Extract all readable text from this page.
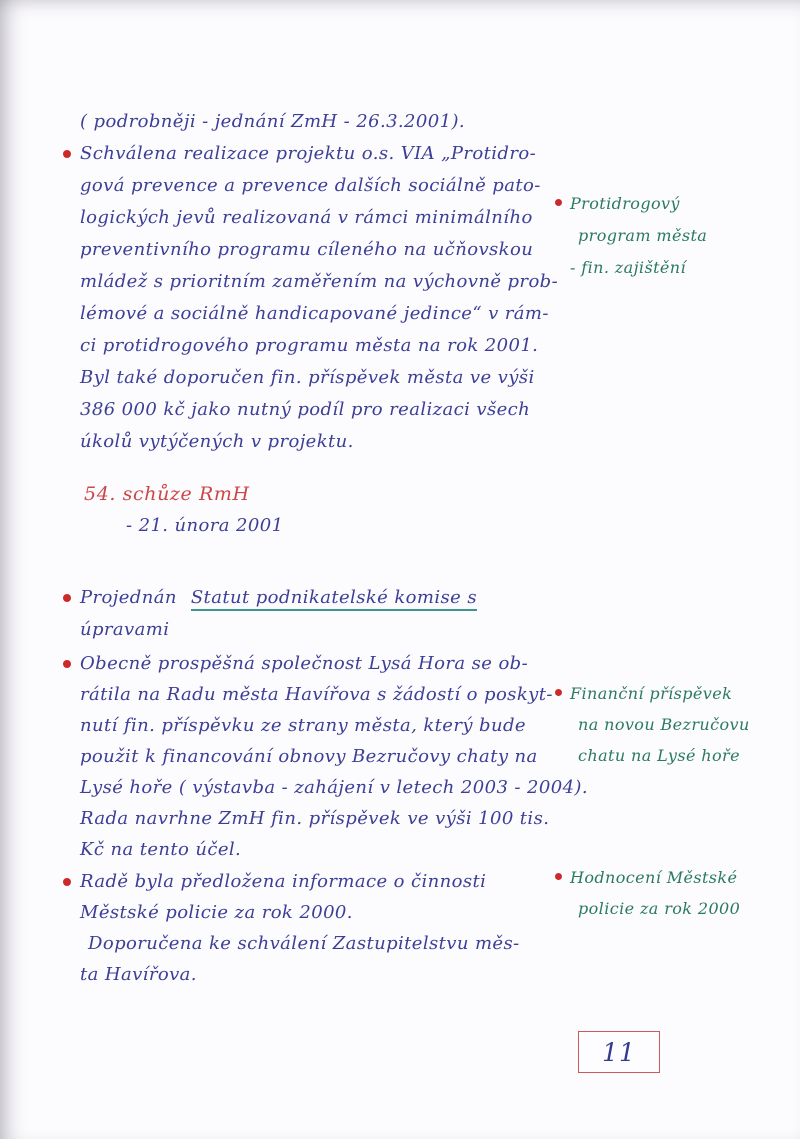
( podrobněji - jednání ZmH - 26.3.2001).
Schválena realizace projektu o.s. VIA „Protidro-
gová prevence a prevence dalších sociálně pato-
logických jevů realizovaná v rámci minimálního
preventivního programu cíleného na učňovskou
mládež s prioritním zaměřením na výchovně prob-
lémové a sociálně handicapované jedince“ v rám-
ci protidrogového programu města na rok 2001.
Byl také doporučen fin. příspěvek města ve výši
386 000 kč jako nutný podíl pro realizaci všech
úkolů vytýčených v projektu.
54. schůze RmH
- 21. února 2001
Projednán Statut podnikatelské komise s
úpravami
Obecně prospěšná společnost Lysá Hora se ob-
rátila na Radu města Havířova s žádostí o poskyt-
nutí fin. příspěvku ze strany města, který bude
použit k financování obnovy Bezručovy chaty na
Lysé hoře ( výstavba - zahájení v letech 2003 - 2004).
Rada navrhne ZmH fin. příspěvek ve výši 100 tis.
Kč na tento účel.
Radě byla předložena informace o činnosti
Městské policie za rok 2000.
Doporučena ke schválení Zastupitelstvu měs-
ta Havířova.
Protidrogový
program města
- fin. zajištění
Finanční příspěvek
na novou Bezručovu
chatu na Lysé hoře
Hodnocení Městské
policie za rok 2000
11
